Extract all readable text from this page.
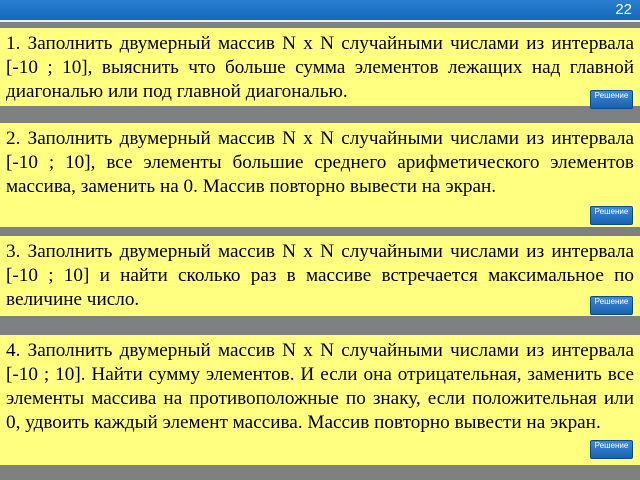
22

1. Заполнить двумерный массив N x N случайными числами из интервала [-10 ; 10], выяснить что больше сумма элементов лежащих над главной диагональю или под главной диагональю.	Решение

2. Заполнить двумерный массив N x N случайными числами из интервала [-10 ; 10], все элементы большие среднего арифметического элементов массива, заменить на 0. Массив повторно вывести на экран.

Решение

3. Заполнить двумерный массив N x N случайными числами из интервала [-10 ; 10] и найти сколько раз в массиве встречается максимальное по величине число.	Решение

4. Заполнить двумерный массив N x N случайными числами из интервала [-10 ; 10]. Найти сумму элементов. И если она отрицательная, заменить все элементы массива на противоположные по знаку, если положительная или 0, удвоить каждый элемент массива. Массив повторно вывести на экран.

Решение
